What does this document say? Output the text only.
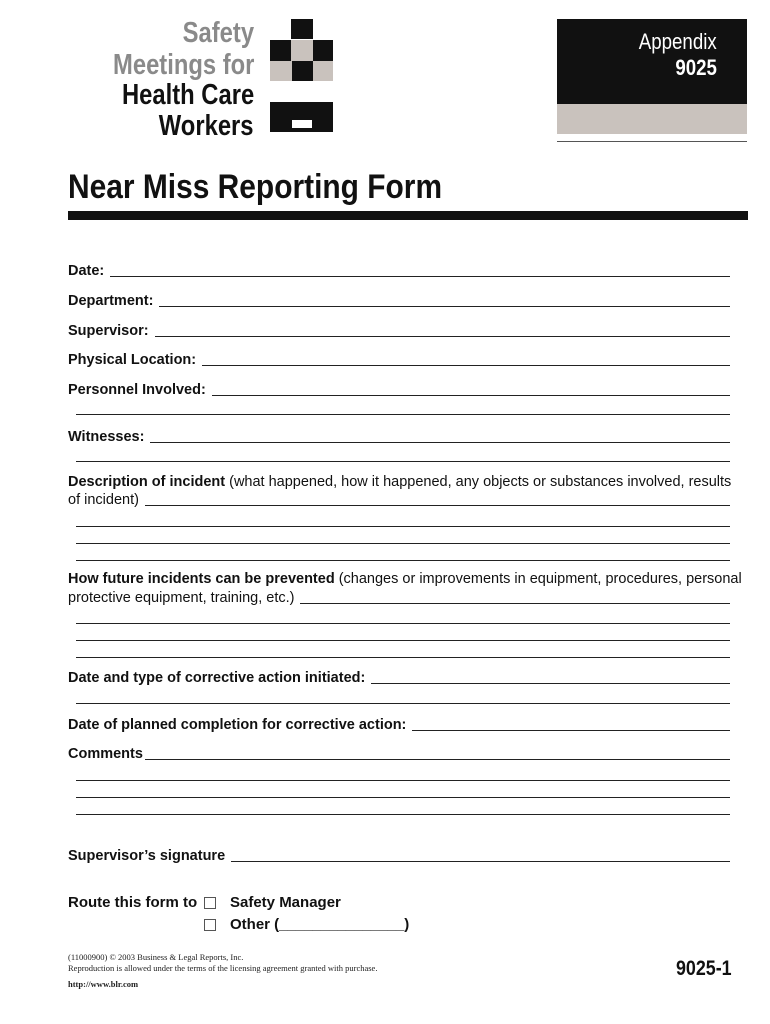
Safety
Meetings for
Health Care
Workers
Appendix
9025
Near Miss Reporting Form
Date:
Department:
Supervisor:
Physical Location:
Personnel Involved:
Witnesses:
Description of incident (what happened, how it happened, any objects or substances involved, results
of incident)
How future incidents can be prevented (changes or improvements in equipment, procedures, personal
protective equipment, training, etc.)
Date and type of corrective action initiated:
Date of planned completion for corrective action:
Comments
Supervisor’s signature
Route this form to	Safety Manager
Other (_______________)
(11000900) © 2003 Business & Legal Reports, Inc.
Reproduction is allowed under the terms of the licensing agreement granted with purchase.
http://www.blr.com
9025-1
